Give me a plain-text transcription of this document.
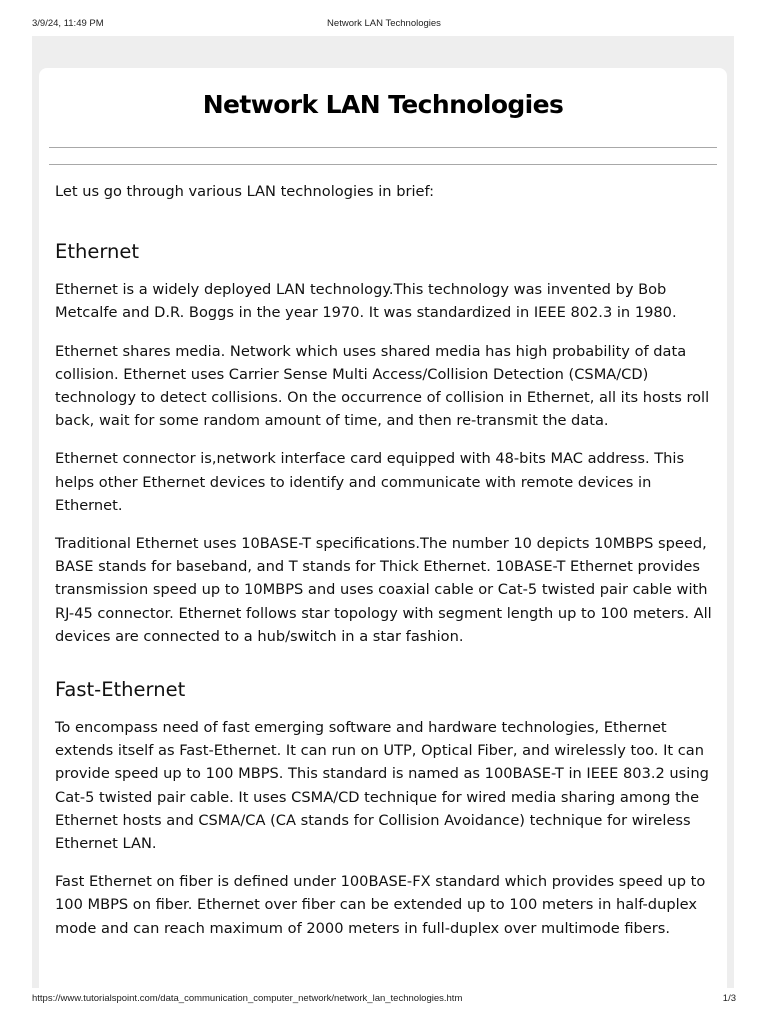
3/9/24, 11:49 PM	Network LAN Technologies
Network LAN Technologies

Let us go through various LAN technologies in brief:

Ethernet

Ethernet is a widely deployed LAN technology.This technology was invented by Bob Metcalfe and D.R. Boggs in the year 1970. It was standardized in IEEE 802.3 in 1980.

Ethernet shares media. Network which uses shared media has high probability of data collision. Ethernet uses Carrier Sense Multi Access/Collision Detection (CSMA/CD) technology to detect collisions. On the occurrence of collision in Ethernet, all its hosts roll back, wait for some random amount of time, and then re-transmit the data.

Ethernet connector is,network interface card equipped with 48-bits MAC address. This helps other Ethernet devices to identify and communicate with remote devices in Ethernet.

Traditional Ethernet uses 10BASE-T specifications.The number 10 depicts 10MBPS speed, BASE stands for baseband, and T stands for Thick Ethernet. 10BASE-T Ethernet provides transmission speed up to 10MBPS and uses coaxial cable or Cat-5 twisted pair cable with RJ-45 connector. Ethernet follows star topology with segment length up to 100 meters. All devices are connected to a hub/switch in a star fashion.

Fast-Ethernet

To encompass need of fast emerging software and hardware technologies, Ethernet extends itself as Fast-Ethernet. It can run on UTP, Optical Fiber, and wirelessly too. It can provide speed up to 100 MBPS. This standard is named as 100BASE-T in IEEE 803.2 using Cat-5 twisted pair cable. It uses CSMA/CD technique for wired media sharing among the Ethernet hosts and CSMA/CA (CA stands for Collision Avoidance) technique for wireless Ethernet LAN.

Fast Ethernet on fiber is defined under 100BASE-FX standard which provides speed up to 100 MBPS on fiber. Ethernet over fiber can be extended up to 100 meters in half-duplex mode and can reach maximum of 2000 meters in full-duplex over multimode fibers.

https://www.tutorialspoint.com/data_communication_computer_network/network_lan_technologies.htm	1/3
